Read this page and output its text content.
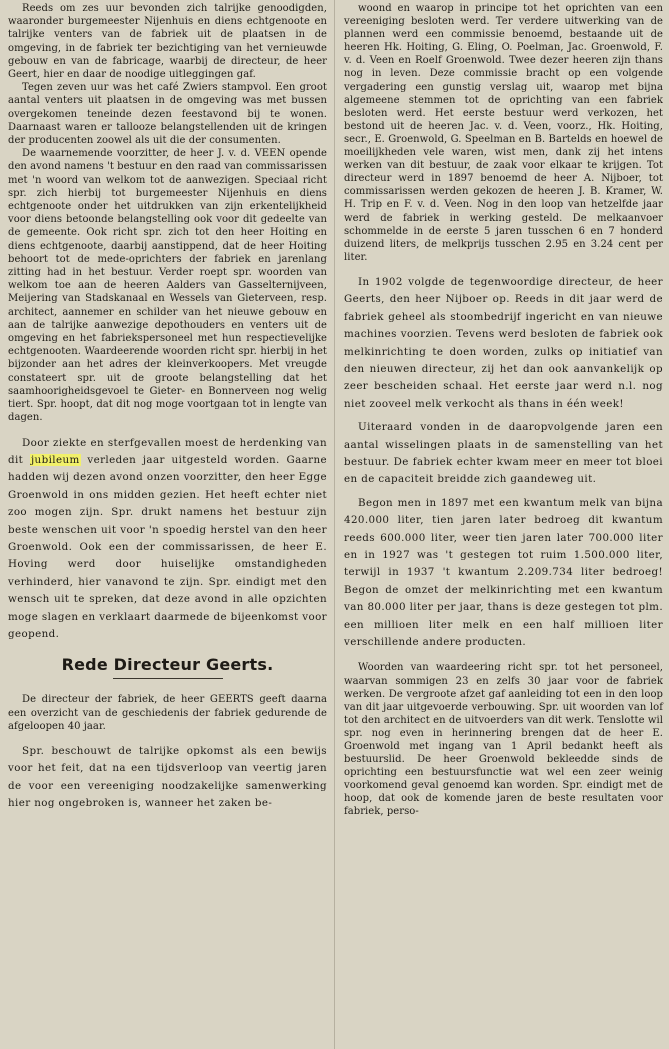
Reeds om zes uur bevonden zich talrijke genoodigden, waaronder burgemeester Nijenhuis en diens echtgenoote en talrijke venters van de fabriek uit de plaatsen in de omgeving, in de fabriek ter bezichtiging van het vernieuwde gebouw en van de fabricage, waarbij de directeur, de heer Geert, hier en daar de noodige uitleggingen gaf.

Tegen zeven uur was het café Zwiers stampvol. Een groot aantal venters uit plaatsen in de omgeving was met bussen overgekomen teneinde dezen feestavond bij te wonen. Daarnaast waren er tallooze belangstellenden uit de kringen der producenten zoowel als uit die der consumenten.

De waarnemende voorzitter, de heer J. v. d. VEEN opende den avond namens 't bestuur en den raad van commissarissen met 'n woord van welkom tot de aanwezigen. Speciaal richt spr. zich hierbij tot burgemeester Nijenhuis en diens echtgenoote onder het uitdrukken van zijn erkentelijkheid voor diens betoonde belangstelling ook voor dit gedeelte van de gemeente. Ook richt spr. zich tot den heer Hoiting en diens echtgenoote, daarbij aanstippend, dat de heer Hoiting behoort tot de mede-oprichters der fabriek en jarenlang zitting had in het bestuur. Verder roept spr. woorden van welkom toe aan de heeren Aalders van Gasselternijveen, Meijering van Stadskanaal en Wessels van Gieterveen, resp. architect, aannemer en schilder van het nieuwe gebouw en aan de talrijke aanwezige depothouders en venters uit de omgeving en het fabriekspersoneel met hun respectievelijke echtgenooten. Waardeerende woorden richt spr. hierbij in het bijzonder aan het adres der kleinverkoopers. Met vreugde constateert spr. uit de groote belangstelling dat het saamhoorigheidsgevoel te Gieter- en Bonnerveen nog welig tiert. Spr. hoopt, dat dit nog moge voortgaan tot in lengte van dagen.

Door ziekte en sterfgevallen moest de herdenking van dit jubileum verleden jaar uitgesteld worden. Gaarne hadden wij dezen avond onzen voorzitter, den heer Egge Groenwold in ons midden gezien. Het heeft echter niet zoo mogen zijn. Spr. drukt namens het bestuur zijn beste wenschen uit voor 'n spoedig herstel van den heer Groenwold. Ook een der commissarissen, de heer E. Hoving werd door huiselijke omstandigheden verhinderd, hier vanavond te zijn. Spr. eindigt met den wensch uit te spreken, dat deze avond in alle opzichten moge slagen en verklaart daarmede de bijeenkomst voor geopend.

Rede Directeur Geerts.

De directeur der fabriek, de heer GEERTS geeft daarna een overzicht van de geschiedenis der fabriek gedurende de afgeloopen 40 jaar.

Spr. beschouwt de talrijke opkomst als een bewijs voor het feit, dat na een tijdsverloop van veertig jaren de voor een vereeniging noodzakelijke samenwerking hier nog ongebroken is, wanneer het zaken be-

woond en waarop in principe tot het oprichten van een vereeniging besloten werd. Ter verdere uitwerking van de plannen werd een commissie benoemd, bestaande uit de heeren Hk. Hoiting, G. Eling, O. Poelman, Jac. Groenwold, F. v. d. Veen en Roelf Groenwold. Twee dezer heeren zijn thans nog in leven. Deze commissie bracht op een volgende vergadering een gunstig verslag uit, waarop met bijna algemeene stemmen tot de oprichting van een fabriek besloten werd. Het eerste bestuur werd verkozen, het bestond uit de heeren Jac. v. d. Veen, voorz., Hk. Hoiting, secr., E. Groenwold, G. Speelman en B. Bartelds en hoewel de moeilijkheden vele waren, wist men, dank zij het intens werken van dit bestuur, de zaak voor elkaar te krijgen. Tot directeur werd in 1897 benoemd de heer A. Nijboer, tot commissarissen werden gekozen de heeren J. B. Kramer, W. H. Trip en F. v. d. Veen. Nog in den loop van hetzelfde jaar werd de fabriek in werking gesteld. De melkaanvoer schommelde in de eerste 5 jaren tusschen 6 en 7 honderd duizend liters, de melkprijs tusschen 2.95 en 3.24 cent per liter.

In 1902 volgde de tegenwoordige directeur, de heer Geerts, den heer Nijboer op. Reeds in dit jaar werd de fabriek geheel als stoombedrijf ingericht en van nieuwe machines voorzien. Tevens werd besloten de fabriek ook melkinrichting te doen worden, zulks op initiatief van den nieuwen directeur, zij het dan ook aanvankelijk op zeer bescheiden schaal. Het eerste jaar werd n.l. nog niet zooveel melk verkocht als thans in één week!

Uiteraard vonden in de daaropvolgende jaren een aantal wisselingen plaats in de samenstelling van het bestuur. De fabriek echter kwam meer en meer tot bloei en de capaciteit breidde zich gaandeweg uit.

Begon men in 1897 met een kwantum melk van bijna 420.000 liter, tien jaren later bedroeg dit kwantum reeds 600.000 liter, weer tien jaren later 700.000 liter en in 1927 was 't gestegen tot ruim 1.500.000 liter, terwijl in 1937 't kwantum 2.209.734 liter bedroeg! Begon de omzet der melkinrichting met een kwantum van 80.000 liter per jaar, thans is deze gestegen tot plm. een millioen liter melk en een half millioen liter verschillende andere producten.

Woorden van waardeering richt spr. tot het personeel, waarvan sommigen 23 en zelfs 30 jaar voor de fabriek werken. De vergroote afzet gaf aanleiding tot een in den loop van dit jaar uitgevoerde verbouwing. Spr. uit woorden van lof tot den architect en de uitvoerders van dit werk. Tenslotte wil spr. nog even in herinnering brengen dat de heer E. Groenwold met ingang van 1 April bedankt heeft als bestuurslid. De heer Groenwold bekleedde sinds de oprichting een bestuursfunctie wat wel een zeer weinig voorkomend geval genoemd kan worden. Spr. eindigt met de hoop, dat ook de komende jaren de beste resultaten voor fabriek, perso-
